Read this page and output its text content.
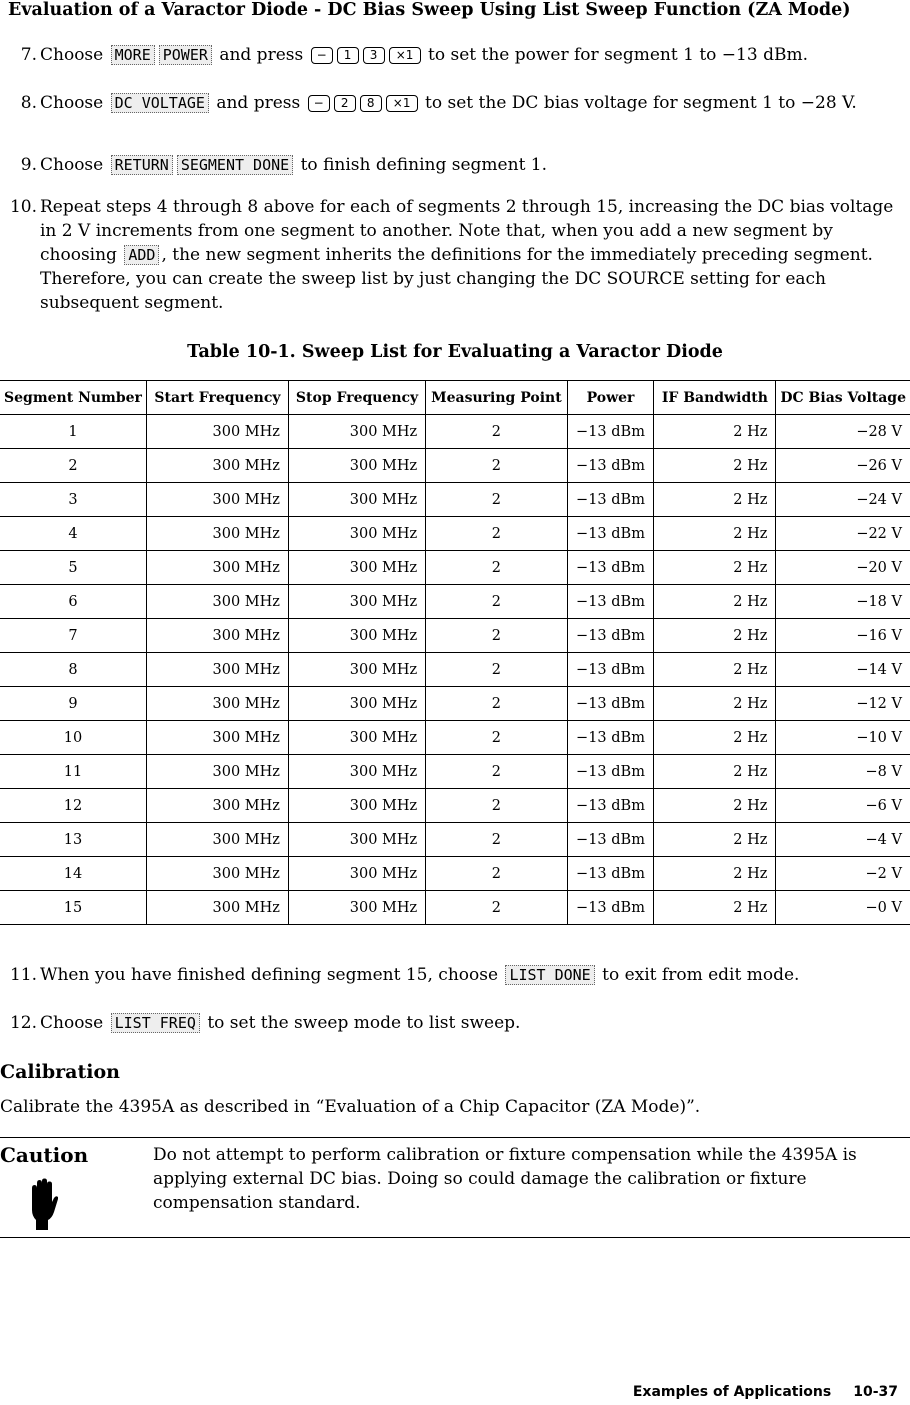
Evaluation of a Varactor Diode - DC Bias Sweep Using List Sweep Function (ZA Mode)
7. Choose MORE POWER and press − 1 3 ×1 to set the power for segment 1 to −13 dBm.
8. Choose DC VOLTAGE and press − 2 8 ×1 to set the DC bias voltage for segment 1 to −28 V.
9. Choose RETURN SEGMENT DONE to finish defining segment 1.
10. Repeat steps 4 through 8 above for each of segments 2 through 15, increasing the DC bias voltage in 2 V increments from one segment to another. Note that, when you add a new segment by choosing ADD , the new segment inherits the definitions for the immediately preceding segment. Therefore, you can create the sweep list by just changing the DC SOURCE setting for each subsequent segment.
Table 10-1. Sweep List for Evaluating a Varactor Diode
Segment Number	Start Frequency	Stop Frequency	Measuring Point	Power	IF Bandwidth	DC Bias Voltage
1	300 MHz	300 MHz	2	−13 dBm	2 Hz	−28 V
2	300 MHz	300 MHz	2	−13 dBm	2 Hz	−26 V
3	300 MHz	300 MHz	2	−13 dBm	2 Hz	−24 V
4	300 MHz	300 MHz	2	−13 dBm	2 Hz	−22 V
5	300 MHz	300 MHz	2	−13 dBm	2 Hz	−20 V
6	300 MHz	300 MHz	2	−13 dBm	2 Hz	−18 V
7	300 MHz	300 MHz	2	−13 dBm	2 Hz	−16 V
8	300 MHz	300 MHz	2	−13 dBm	2 Hz	−14 V
9	300 MHz	300 MHz	2	−13 dBm	2 Hz	−12 V
10	300 MHz	300 MHz	2	−13 dBm	2 Hz	−10 V
11	300 MHz	300 MHz	2	−13 dBm	2 Hz	−8 V
12	300 MHz	300 MHz	2	−13 dBm	2 Hz	−6 V
13	300 MHz	300 MHz	2	−13 dBm	2 Hz	−4 V
14	300 MHz	300 MHz	2	−13 dBm	2 Hz	−2 V
15	300 MHz	300 MHz	2	−13 dBm	2 Hz	−0 V
11. When you have finished defining segment 15, choose LIST DONE to exit from edit mode.
12. Choose LIST FREQ to set the sweep mode to list sweep.
Calibration
Calibrate the 4395A as described in “Evaluation of a Chip Capacitor (ZA Mode)”.
Caution	Do not attempt to perform calibration or fixture compensation while the 4395A is applying external DC bias. Doing so could damage the calibration or fixture compensation standard.
Examples of Applications 10-37
